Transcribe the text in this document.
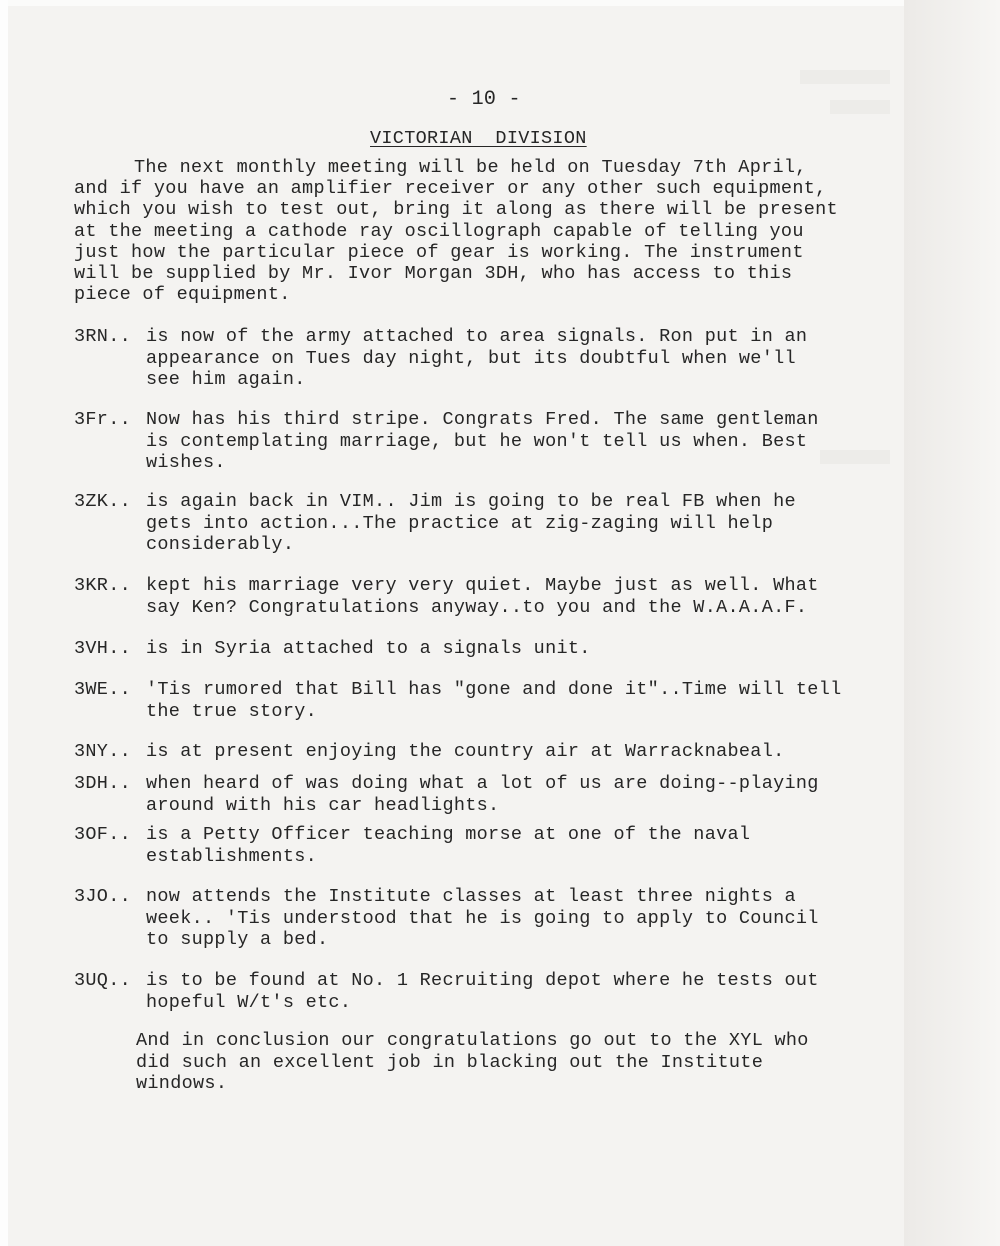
- 10 -
VICTORIAN  DIVISION
The next monthly meeting will be held on Tuesday 7th April,
and if you have an amplifier receiver or any other such equipment,
which you wish to test out, bring it along as there will be present
at the meeting a cathode ray oscillograph capable of telling you
just how the particular piece of gear is working. The instrument
will be supplied by Mr. Ivor Morgan 3DH, who has access to this
piece of equipment.
3RN.. is now of the army attached to area signals. Ron put in an
appearance on Tues day night, but its doubtful when we'll
see him again.
3Fr.. Now has his third stripe. Congrats Fred. The same gentleman
is contemplating marriage, but he won't tell us when. Best
wishes.
3ZK.. is again back in VIM.. Jim is going to be real FB when he
gets into action...The practice at zig-zaging will help
considerably.
3KR.. kept his marriage very very quiet. Maybe just as well. What
say Ken? Congratulations anyway..to you and the W.A.A.A.F.
3VH.. is in Syria attached to a signals unit.
3WE.. 'Tis rumored that Bill has "gone and done it"..Time will tell
the true story.
3NY.. is at present enjoying the country air at Warracknabeal.
3DH.. when heard of was doing what a lot of us are doing--playing
around with his car headlights.
3OF.. is a Petty Officer teaching morse at one of the naval
establishments.
3JO.. now attends the Institute classes at least three nights a
week.. 'Tis understood that he is going to apply to Council
to supply a bed.
3UQ.. is to be found at No. 1 Recruiting depot where he tests out
hopeful W/t's etc.
And in conclusion our congratulations go out to the XYL who
did such an excellent job in blacking out the Institute
windows.
